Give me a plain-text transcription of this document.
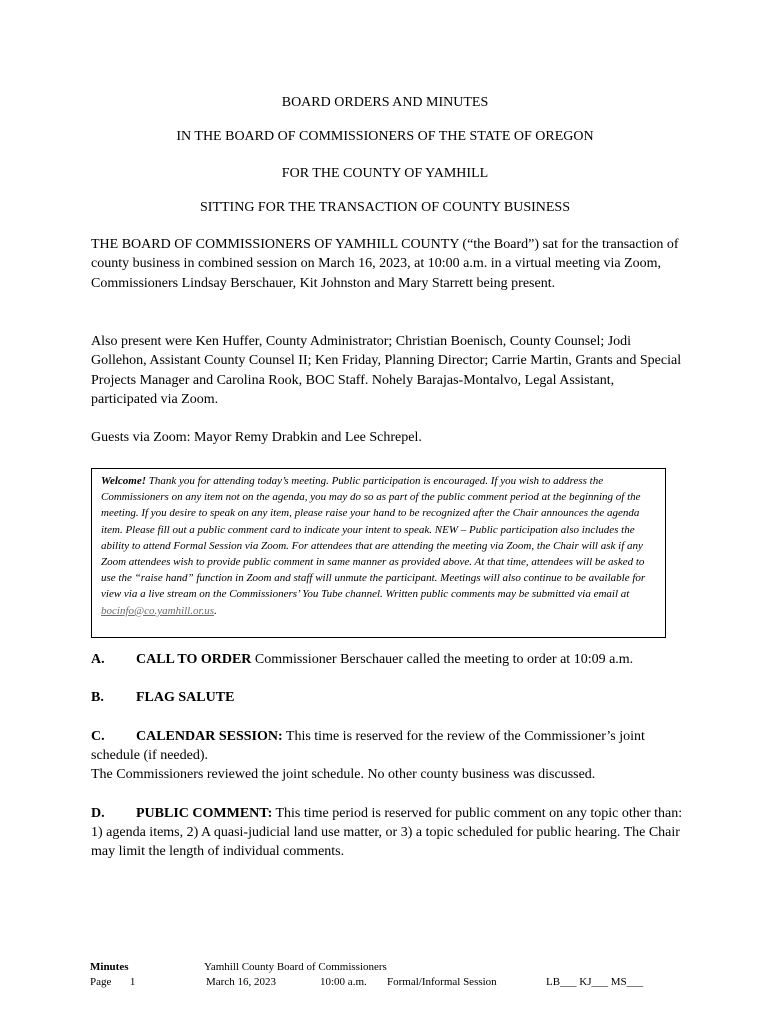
BOARD ORDERS AND MINUTES
IN THE BOARD OF COMMISSIONERS OF THE STATE OF OREGON
FOR THE COUNTY OF YAMHILL
SITTING FOR THE TRANSACTION OF COUNTY BUSINESS
THE BOARD OF COMMISSIONERS OF YAMHILL COUNTY (“the Board”) sat for the transaction of county business in combined session on March 16, 2023, at 10:00 a.m. in a virtual meeting via Zoom, Commissioners Lindsay Berschauer, Kit Johnston and Mary Starrett being present.
Also present were Ken Huffer, County Administrator; Christian Boenisch, County Counsel; Jodi Gollehon, Assistant County Counsel II; Ken Friday, Planning Director; Carrie Martin, Grants and Special Projects Manager and Carolina Rook, BOC Staff. Nohely Barajas-Montalvo, Legal Assistant, participated via Zoom.
Guests via Zoom: Mayor Remy Drabkin and Lee Schrepel.
Welcome! Thank you for attending today’s meeting. Public participation is encouraged. If you wish to address the Commissioners on any item not on the agenda, you may do so as part of the public comment period at the beginning of the meeting. If you desire to speak on any item, please raise your hand to be recognized after the Chair announces the agenda item. Please fill out a public comment card to indicate your intent to speak. NEW – Public participation also includes the ability to attend Formal Session via Zoom. For attendees that are attending the meeting via Zoom, the Chair will ask if any Zoom attendees wish to provide public comment in same manner as provided above. At that time, attendees will be asked to use the “raise hand” function in Zoom and staff will unmute the participant. Meetings will also continue to be available for view via a live stream on the Commissioners’ You Tube channel. Written public comments may be submitted via email at bocinfo@co.yamhill.or.us.
A. CALL TO ORDER Commissioner Berschauer called the meeting to order at 10:09 a.m.
B. FLAG SALUTE
C. CALENDAR SESSION: This time is reserved for the review of the Commissioner’s joint schedule (if needed).
The Commissioners reviewed the joint schedule. No other county business was discussed.
D. PUBLIC COMMENT: This time period is reserved for public comment on any topic other than: 1) agenda items, 2) A quasi-judicial land use matter, or 3) a topic scheduled for public hearing. The Chair may limit the length of individual comments.
Minutes
Page 1
Yamhill County Board of Commissioners
March 16, 2023	10:00 a.m. Formal/Informal Session	LB___ KJ___ MS___
